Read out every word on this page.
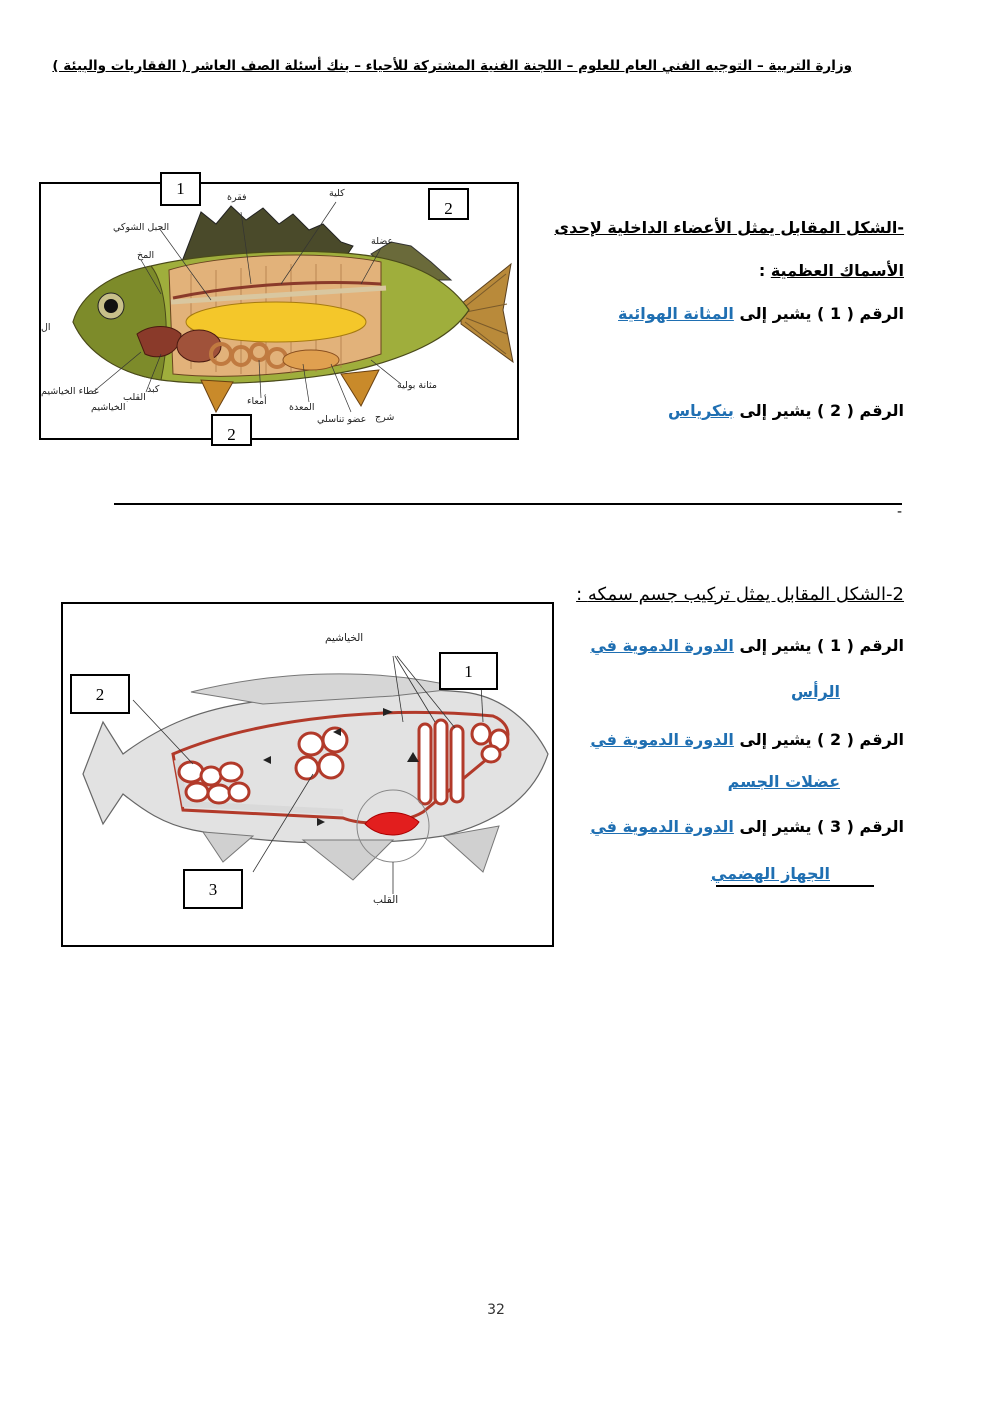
وزارة التربية – التوجيه الفني العام للعلوم – اللجنة الفنية المشتركة للأحياء – بنك أسئلة الصف العاشر ( الفقاريات والبيئة )
فقرة	كلية
الحبل الشوكي
عضلة
المخ
مثانة بولية
غطاء الخياشيم	كبد
القلب
الخياشيم
أمعاء
المعدة
شرج
عضو تناسلي
ال
1
2
2
-الشكل المقابل يمثل الأعضاء الداخلية لإحدى
الأسماك العظمية :
الرقم ( 1 ) يشير إلى المثانة الهوائية
الرقم ( 2 ) يشير إلى بنكرياس
-
2-الشكل المقابل يمثل تركيب جسم سمكه :
الرقم ( 1 ) يشير إلى الدورة الدموية في
الرأس
الرقم ( 2 ) يشير إلى الدورة الدموية في
عضلات الجسم
الرقم ( 3 ) يشير إلى الدورة الدموية في
الجهاز الهضمي
الخياشيم
القلب
1
2
3
32
